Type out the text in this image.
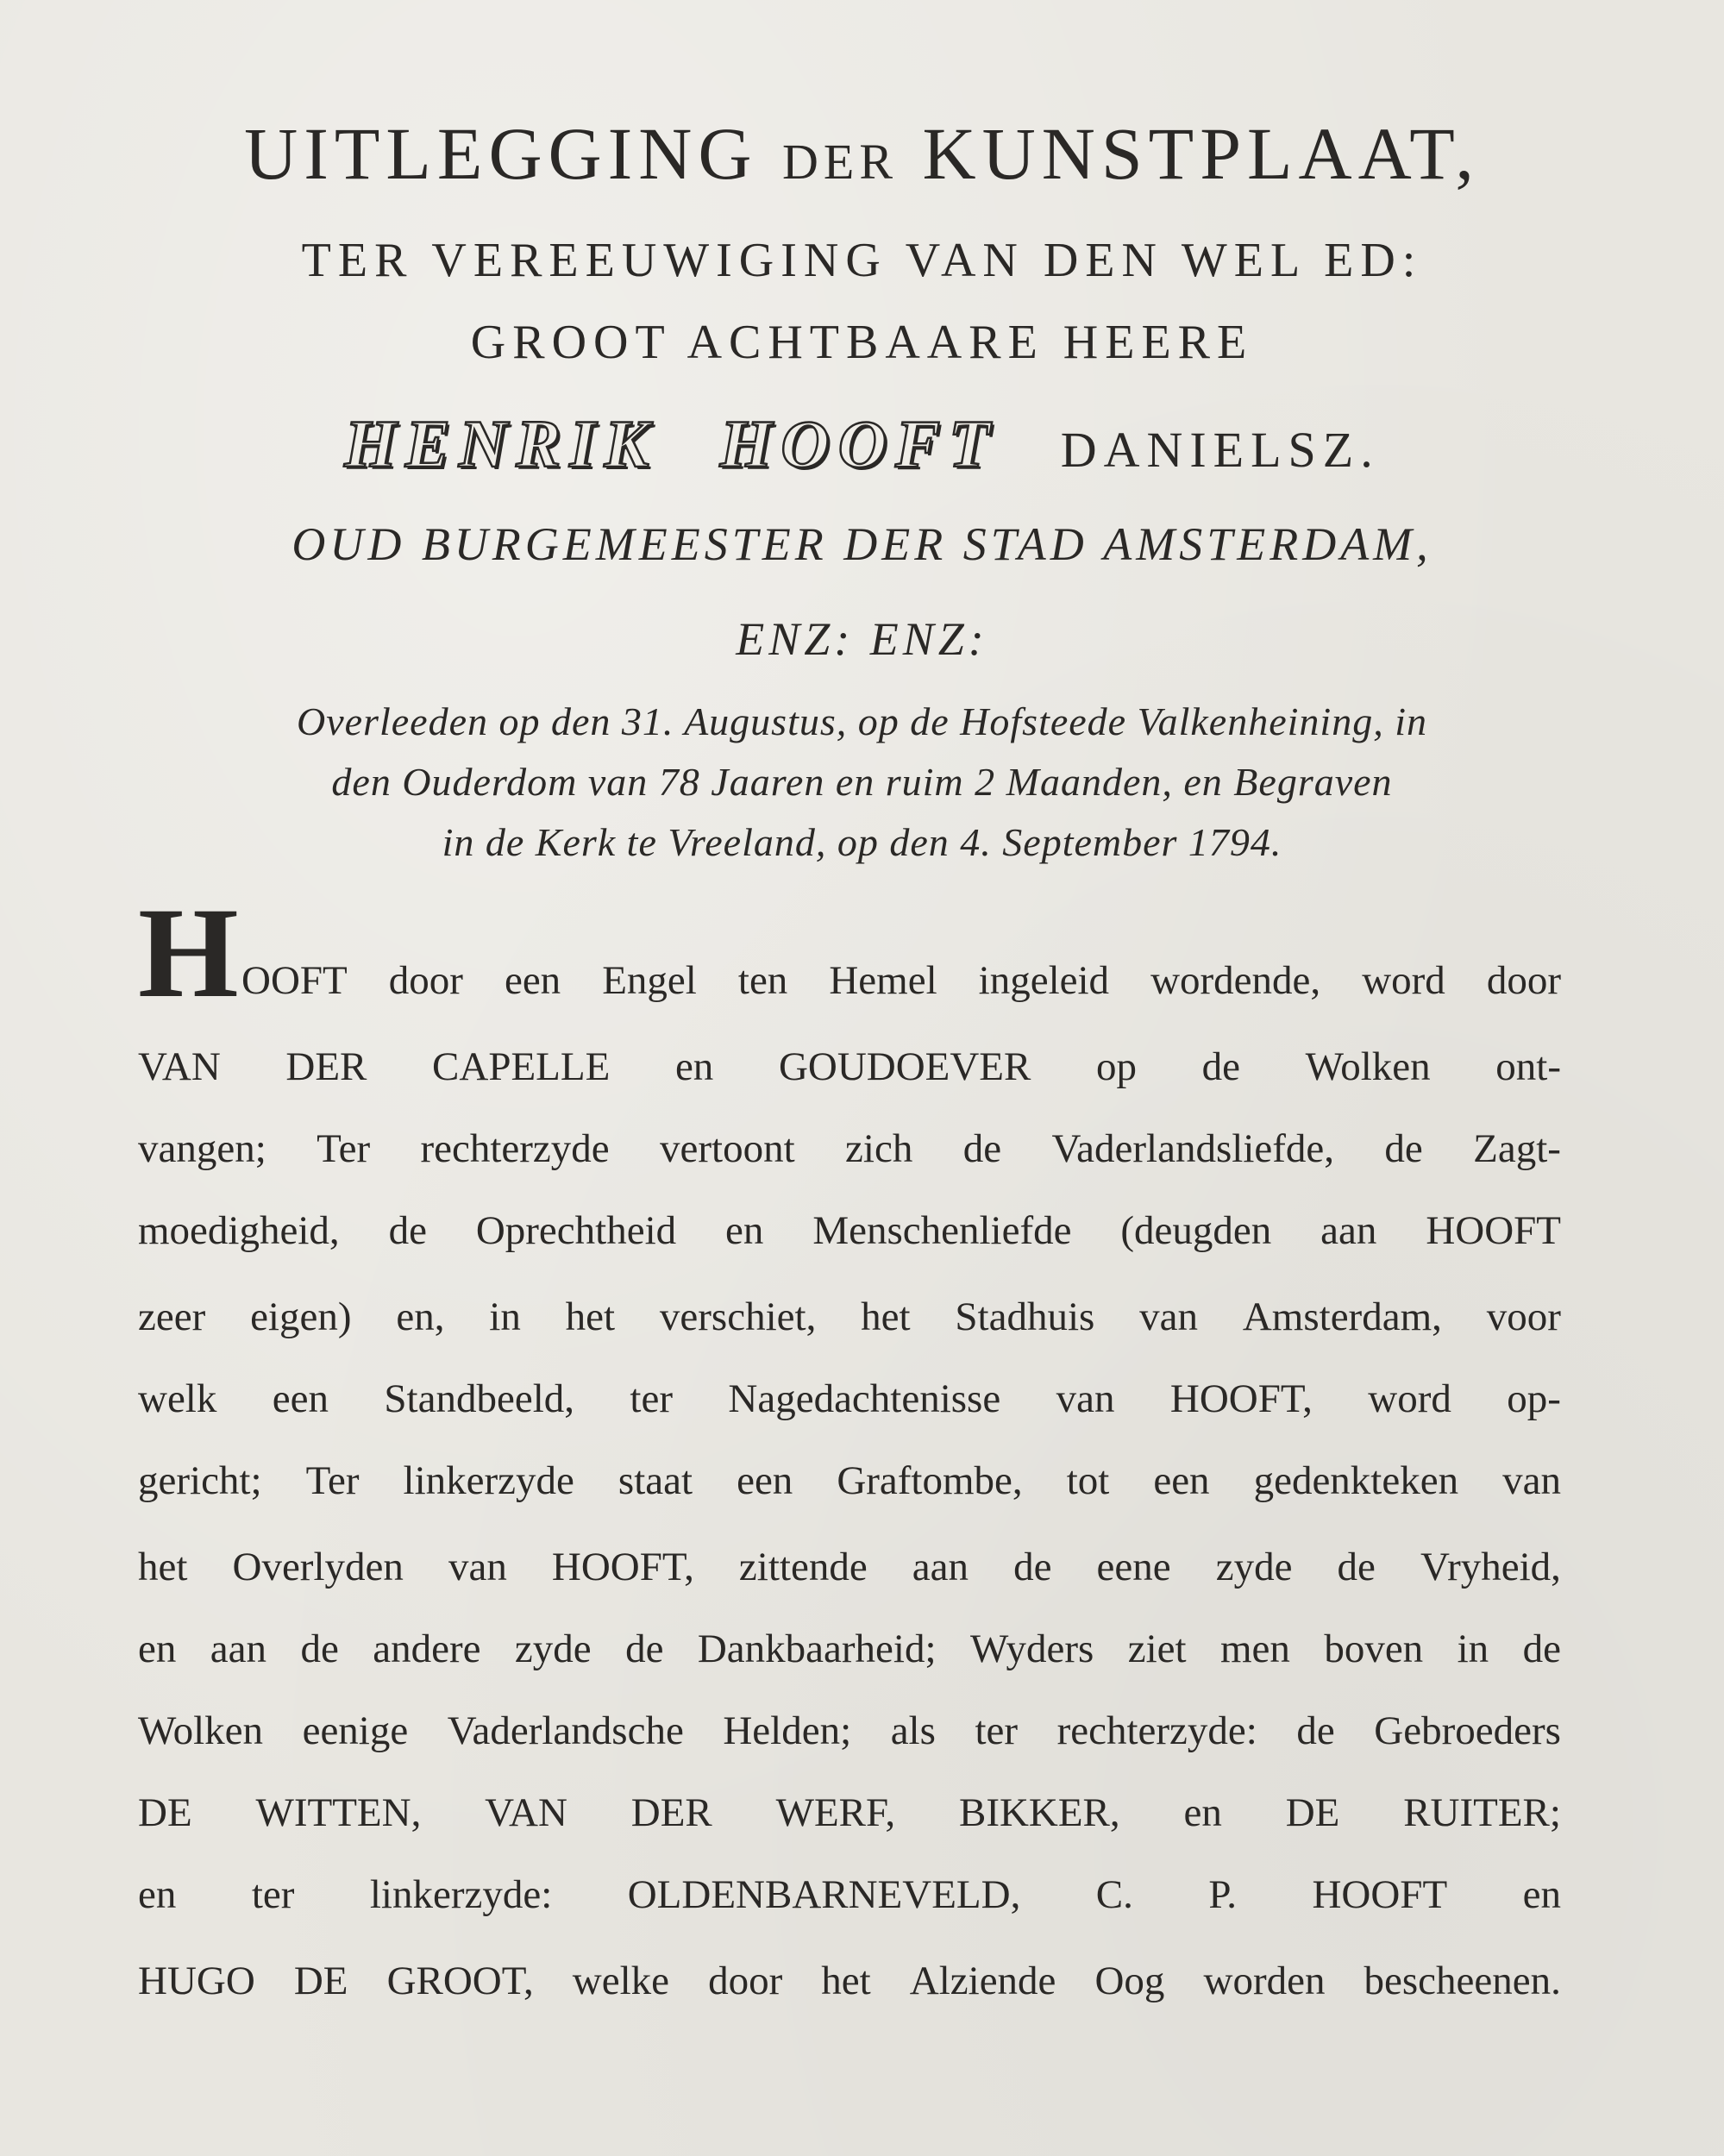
UITLEGGING DER KUNSTPLAAT,
TER VEREEUWIGING VAN DEN WEL ED:
GROOT ACHTBAARE HEERE
HENRIK HOOFT DANIELSZ.
OUD BURGEMEESTER DER STAD AMSTERDAM,
ENZ: ENZ:
Overleeden op den 31. Augustus, op de Hofsteede Valkenheining, in
den Ouderdom van 78 Jaaren en ruim 2 Maanden, en Begraven
in de Kerk te Vreeland, op den 4. September 1794.
H OOFT door een Engel ten Hemel ingeleid wordende, word door
VAN DER CAPELLE en GOUDOEVER op de Wolken ont-
vangen; Ter rechterzyde vertoont zich de Vaderlandsliefde, de Zagt-
moedigheid, de Oprechtheid en Menschenliefde (deugden aan HOOFT
zeer eigen) en, in het verschiet, het Stadhuis van Amsterdam, voor
welk een Standbeeld, ter Nagedachtenisse van HOOFT, word op-
gericht; Ter linkerzyde staat een Graftombe, tot een gedenkteken van
het Overlyden van HOOFT, zittende aan de eene zyde de Vryheid,
en aan de andere zyde de Dankbaarheid; Wyders ziet men boven in de
Wolken eenige Vaderlandsche Helden; als ter rechterzyde: de Gebroeders
DE WITTEN, VAN DER WERF, BIKKER, en DE RUITER;
en ter linkerzyde: OLDENBARNEVELD, C. P. HOOFT en
HUGO DE GROOT, welke door het Alziende Oog worden bescheenen.
